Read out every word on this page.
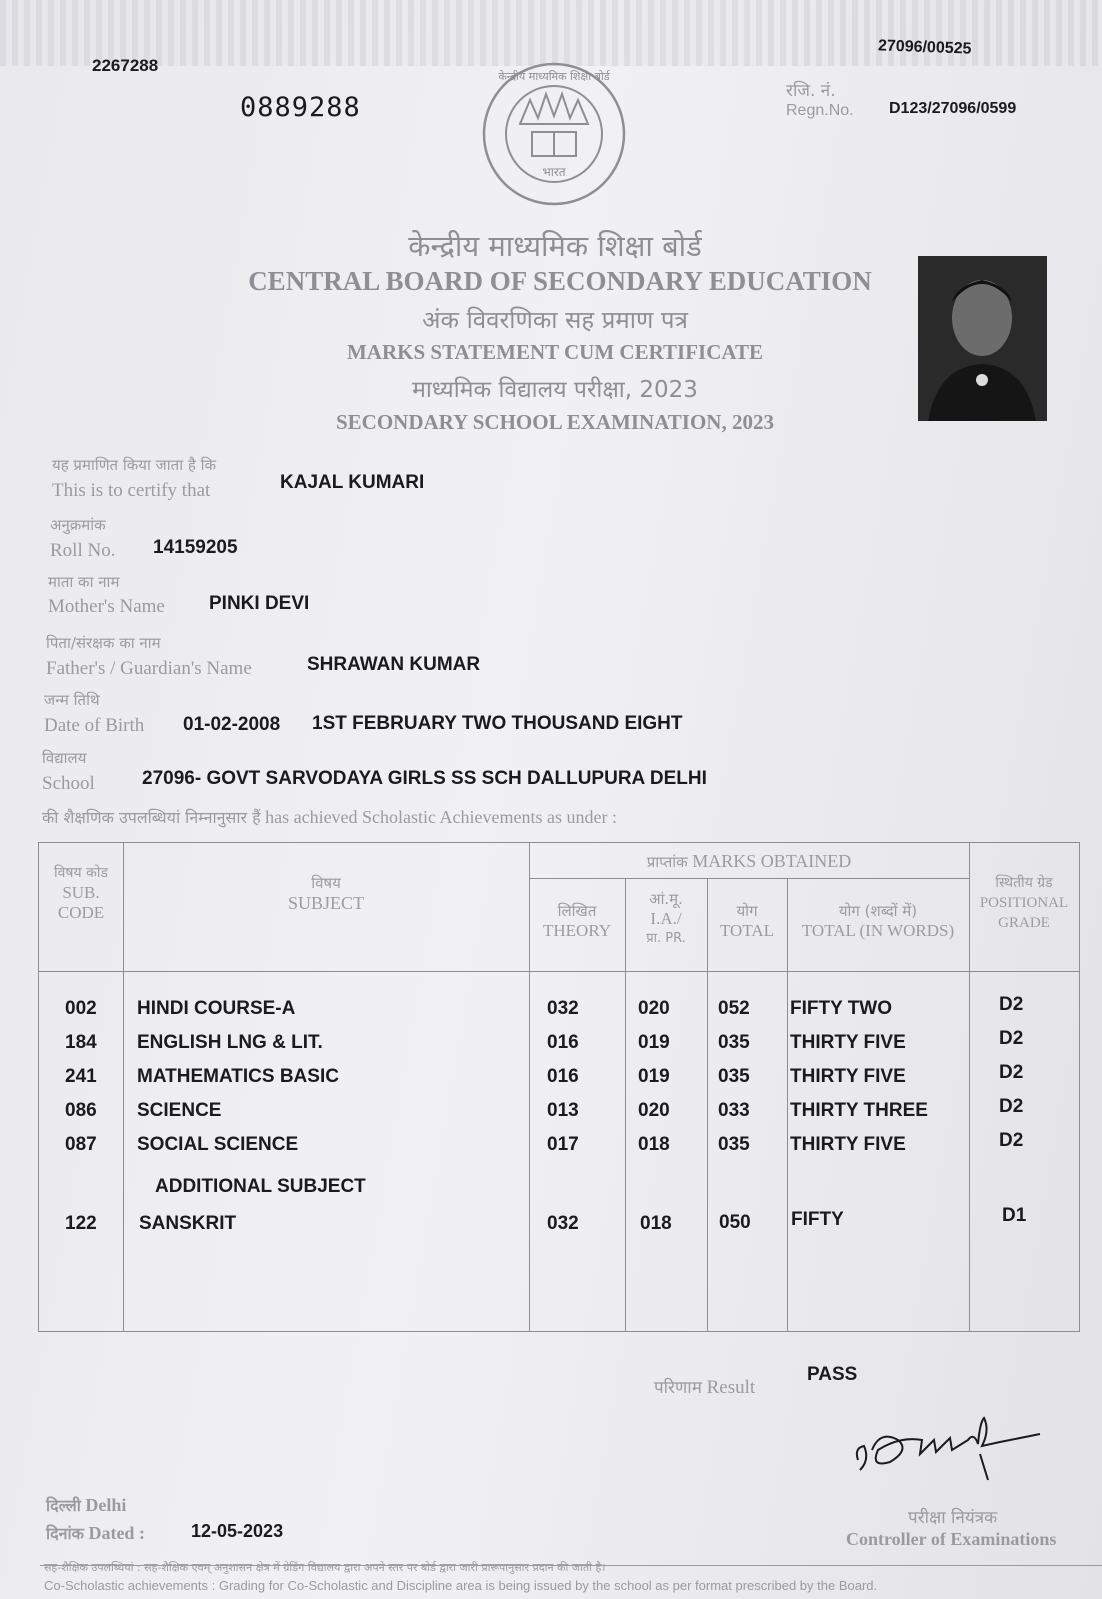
2267288
27096/00525
0889288
रजि. नं.
Regn.No. D123/27096/0599
केन्द्रीय माध्यमिक शिक्षा बोर्ड
भारत
केन्द्रीय माध्यमिक शिक्षा बोर्ड
CENTRAL BOARD OF SECONDARY EDUCATION
अंक विवरणिका सह प्रमाण पत्र
MARKS STATEMENT CUM CERTIFICATE
माध्यमिक विद्यालय परीक्षा, 2023
SECONDARY SCHOOL EXAMINATION, 2023
यह प्रमाणित किया जाता है कि
This is to certify that	KAJAL KUMARI
अनुक्रमांक
Roll No. 14159205
माता का नाम
Mother's Name PINKI DEVI
पिता/संरक्षक का नाम
Father's / Guardian's Name	SHRAWAN KUMAR
जन्म तिथि
Date of Birth 01-02-2008 1ST FEBRUARY TWO THOUSAND EIGHT
विद्यालय
School 27096- GOVT SARVODAYA GIRLS SS SCH DALLUPURA DELHI
की शैक्षणिक उपलब्धियां निम्नानुसार हैं has achieved Scholastic Achievements as under :
विषय कोड
SUB.
CODE
विषय
SUBJECT
प्राप्तांक MARKS OBTAINED
लिखित
THEORY
आं.मू.
I.A./
प्रा. PR.
योग
TOTAL
योग (शब्दों में)
TOTAL (IN WORDS)
स्थितीय ग्रेड
POSITIONAL
GRADE
002 HINDI COURSE-A	032	020	052 FIFTY TWO	D2
184 ENGLISH LNG & LIT.	016	019	035 THIRTY FIVE	D2
241 MATHEMATICS BASIC	016	019	035 THIRTY FIVE	D2
086 SCIENCE	013	020	033 THIRTY THREE	D2
087 SOCIAL SCIENCE	017	018	035 THIRTY FIVE	D2
ADDITIONAL SUBJECT
122 SANSKRIT	032	018 050 FIFTY	D1
परिणाम Result
PASS
परीक्षा नियंत्रक
Controller of Examinations
दिल्ली Delhi
दिनांक Dated :	12-05-2023
सह-शैक्षिक उपलब्धियां : सह-शैक्षिक एवम् अनुशासन क्षेत्र में ग्रेडिंग विद्यालय द्वारा अपने स्तर पर बोर्ड द्वारा जारी प्रारूपानुसार प्रदान की जाती है।
Co-Scholastic achievements : Grading for Co-Scholastic and Discipline area is being issued by the school as per format prescribed by the Board.
